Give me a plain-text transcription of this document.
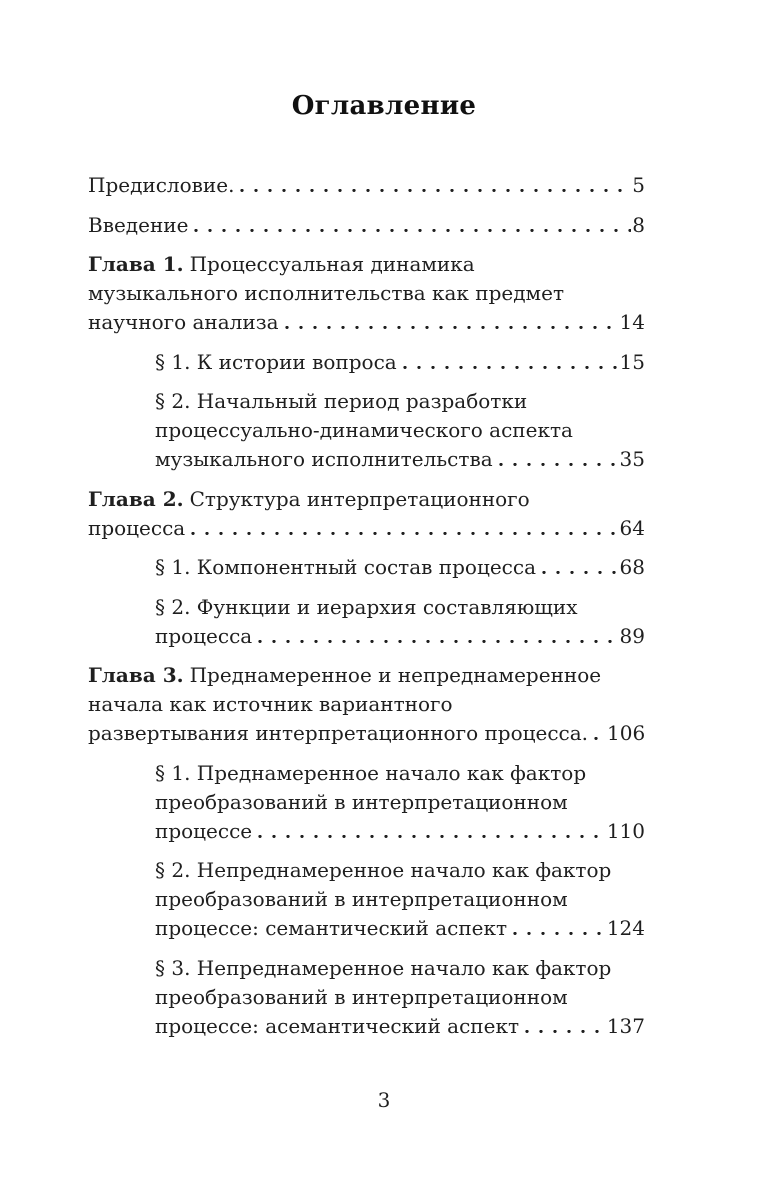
Оглавление
Предисловие.	5
Введение	8
Глава 1. Процессуальная динамика
музыкального исполнительства как предмет
научного анализа	14
§ 1. К истории вопроса	15
§ 2. Начальный период разработки
процессуально-динамического аспекта
музыкального исполнительства	35
Глава 2. Структура интерпретационного
процесса	64
§ 1. Компонентный состав процесса	68
§ 2. Функции и иерархия составляющих
процесса	89
Глава 3. Преднамеренное и непреднамеренное
начала как источник вариантного
развертывания интерпретационного процесса. 106
§ 1. Преднамеренное начало как фактор
преобразований в интерпретационном
процессе	110
§ 2. Непреднамеренное начало как фактор
преобразований в интерпретационном
процессе: семантический аспект	124
§ 3. Непреднамеренное начало как фактор
преобразований в интерпретационном
процессе: асемантический аспект	137
3
